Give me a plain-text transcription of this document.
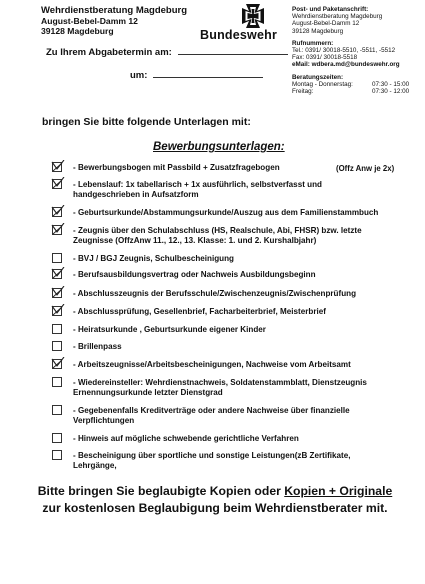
Wehrdienstberatung Magdeburg
August-Bebel-Damm 12
39128 Magdeburg	Bundeswehr
Post- und Paketanschrift:
Wehrdienstberatung Magdeburg
August-Bebel-Damm 12
39128 Magdeburg
Rufnummern:
Tel.: 0391/ 30018-5510, -5511, -5512
Fax: 0391/ 30018-5518
eMail: wdbera.md@bundeswehr.org
Beratungszeiten:
Montag - Donnerstag:	07:30 - 15:00
Freitag:	07:30 - 12:00
Zu Ihrem Abgabetermin am:
um:
bringen Sie bitte folgende Unterlagen mit:
Bewerbungsunterlagen:
(Offz Anw je 2x)
- Bewerbungsbogen mit Passbild + Zusatzfragebogen
- Lebenslauf: 1x tabellarisch + 1x ausführlich, selbstverfasst und handgeschrieben in Aufsatzform
- Geburtsurkunde/Abstammungsurkunde/Auszug aus dem Familienstammbuch
- Zeugnis über den Schulabschluss (HS, Realschule, Abi, FHSR) bzw. letzte Zeugnisse (OffzAnw 11., 12., 13. Klasse: 1. und 2. Kurshalbjahr)
- BVJ / BGJ Zeugnis, Schulbescheinigung
- Berufsausbildungsvertrag oder Nachweis Ausbildungsbeginn
- Abschlusszeugnis der Berufsschule/Zwischenzeugnis/Zwischenprüfung
- Abschlussprüfung, Gesellenbrief, Facharbeiterbrief, Meisterbrief
- Heiratsurkunde , Geburtsurkunde eigener Kinder
- Brillenpass
- Arbeitszeugnisse/Arbeitsbescheinigungen, Nachweise vom Arbeitsamt
- Wiedereinsteller: Wehrdienstnachweis, Soldatenstammblatt, Dienstzeugnis Ernennungsurkunde letzter Dienstgrad
- Gegebenenfalls Kreditverträge oder andere Nachweise über finanzielle Verpflichtungen
- Hinweis auf mögliche schwebende gerichtliche Verfahren
- Bescheinigung über sportliche und sonstige Leistungen(zB Zertifikate, Lehrgänge,
Bitte bringen Sie beglaubigte Kopien oder Kopien + Originale zur kostenlosen Beglaubigung beim Wehrdienstberater mit.
